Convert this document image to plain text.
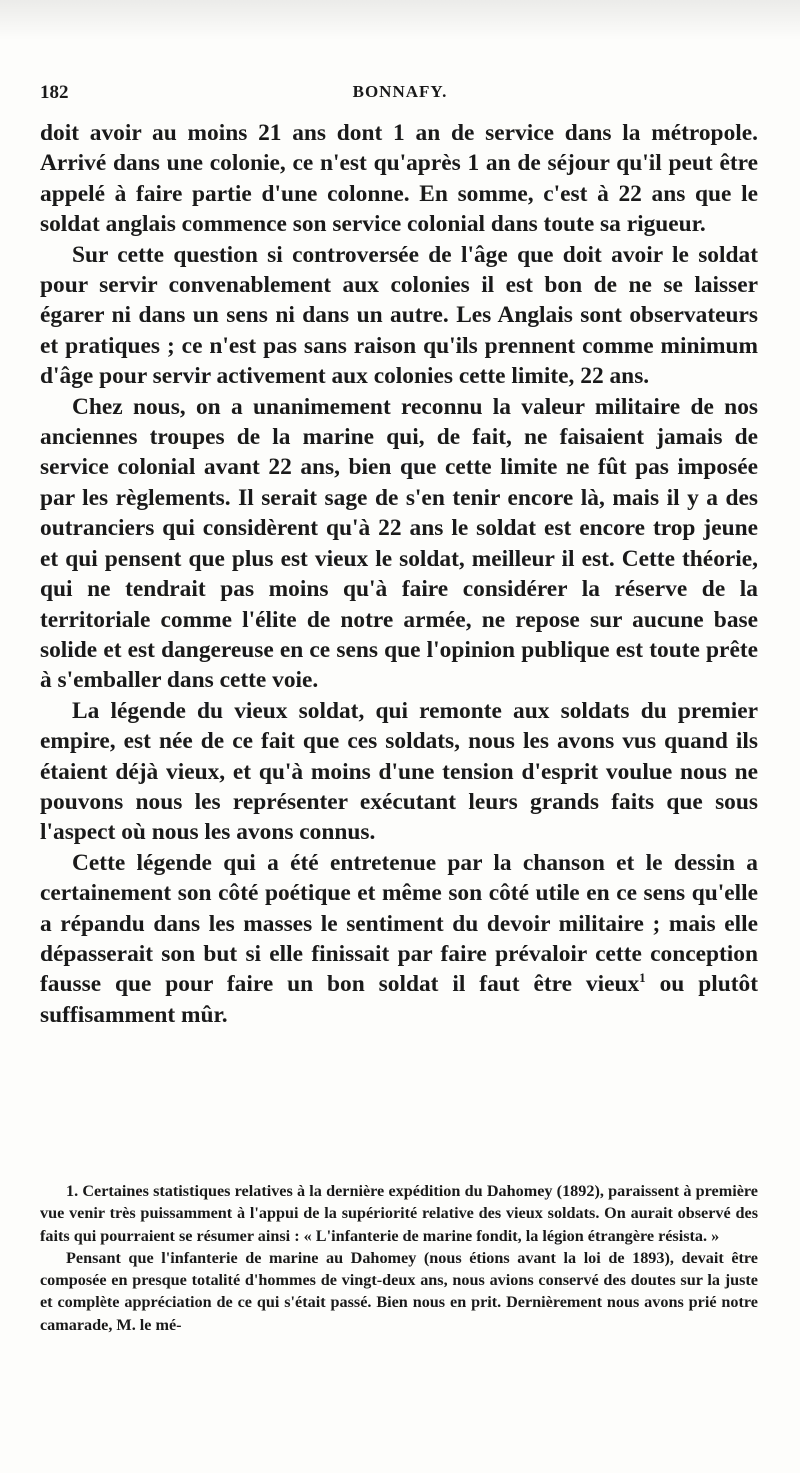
182	BONNAFY.

doit avoir au moins 21 ans dont 1 an de service dans la métropole. Arrivé dans une colonie, ce n'est qu'après 1 an de séjour qu'il peut être appelé à faire partie d'une colonne. En somme, c'est à 22 ans que le soldat anglais commence son service colonial dans toute sa rigueur.

Sur cette question si controversée de l'âge que doit avoir le soldat pour servir convenablement aux colonies il est bon de ne se laisser égarer ni dans un sens ni dans un autre. Les Anglais sont observateurs et pratiques ; ce n'est pas sans raison qu'ils prennent comme minimum d'âge pour servir activement aux colonies cette limite, 22 ans.

Chez nous, on a unanimement reconnu la valeur militaire de nos anciennes troupes de la marine qui, de fait, ne faisaient jamais de service colonial avant 22 ans, bien que cette limite ne fût pas imposée par les règlements. Il serait sage de s'en tenir encore là, mais il y a des outranciers qui considèrent qu'à 22 ans le soldat est encore trop jeune et qui pensent que plus est vieux le soldat, meilleur il est. Cette théorie, qui ne tendrait pas moins qu'à faire considérer la réserve de la territoriale comme l'élite de notre armée, ne repose sur aucune base solide et est dangereuse en ce sens que l'opinion publique est toute prête à s'emballer dans cette voie.

La légende du vieux soldat, qui remonte aux soldats du premier empire, est née de ce fait que ces soldats, nous les avons vus quand ils étaient déjà vieux, et qu'à moins d'une tension d'esprit voulue nous ne pouvons nous les représenter exécutant leurs grands faits que sous l'aspect où nous les avons connus.

Cette légende qui a été entretenue par la chanson et le dessin a certainement son côté poétique et même son côté utile en ce sens qu'elle a répandu dans les masses le sentiment du devoir militaire ; mais elle dépasserait son but si elle finissait par faire prévaloir cette conception fausse que pour faire un bon soldat il faut être vieux$^1$ ou plutôt suffisamment mûr.

1. Certaines statistiques relatives à la dernière expédition du Dahomey (1892), paraissent à première vue venir très puissamment à l'appui de la supériorité relative des vieux soldats. On aurait observé des faits qui pourraient se résumer ainsi : « L'infanterie de marine fondit, la légion étrangère résista. »

Pensant que l'infanterie de marine au Dahomey (nous étions avant la loi de 1893), devait être composée en presque totalité d'hommes de vingt-deux ans, nous avions conservé des doutes sur la juste et complète appréciation de ce qui s'était passé. Bien nous en prit. Dernièrement nous avons prié notre camarade, M. le mé-
